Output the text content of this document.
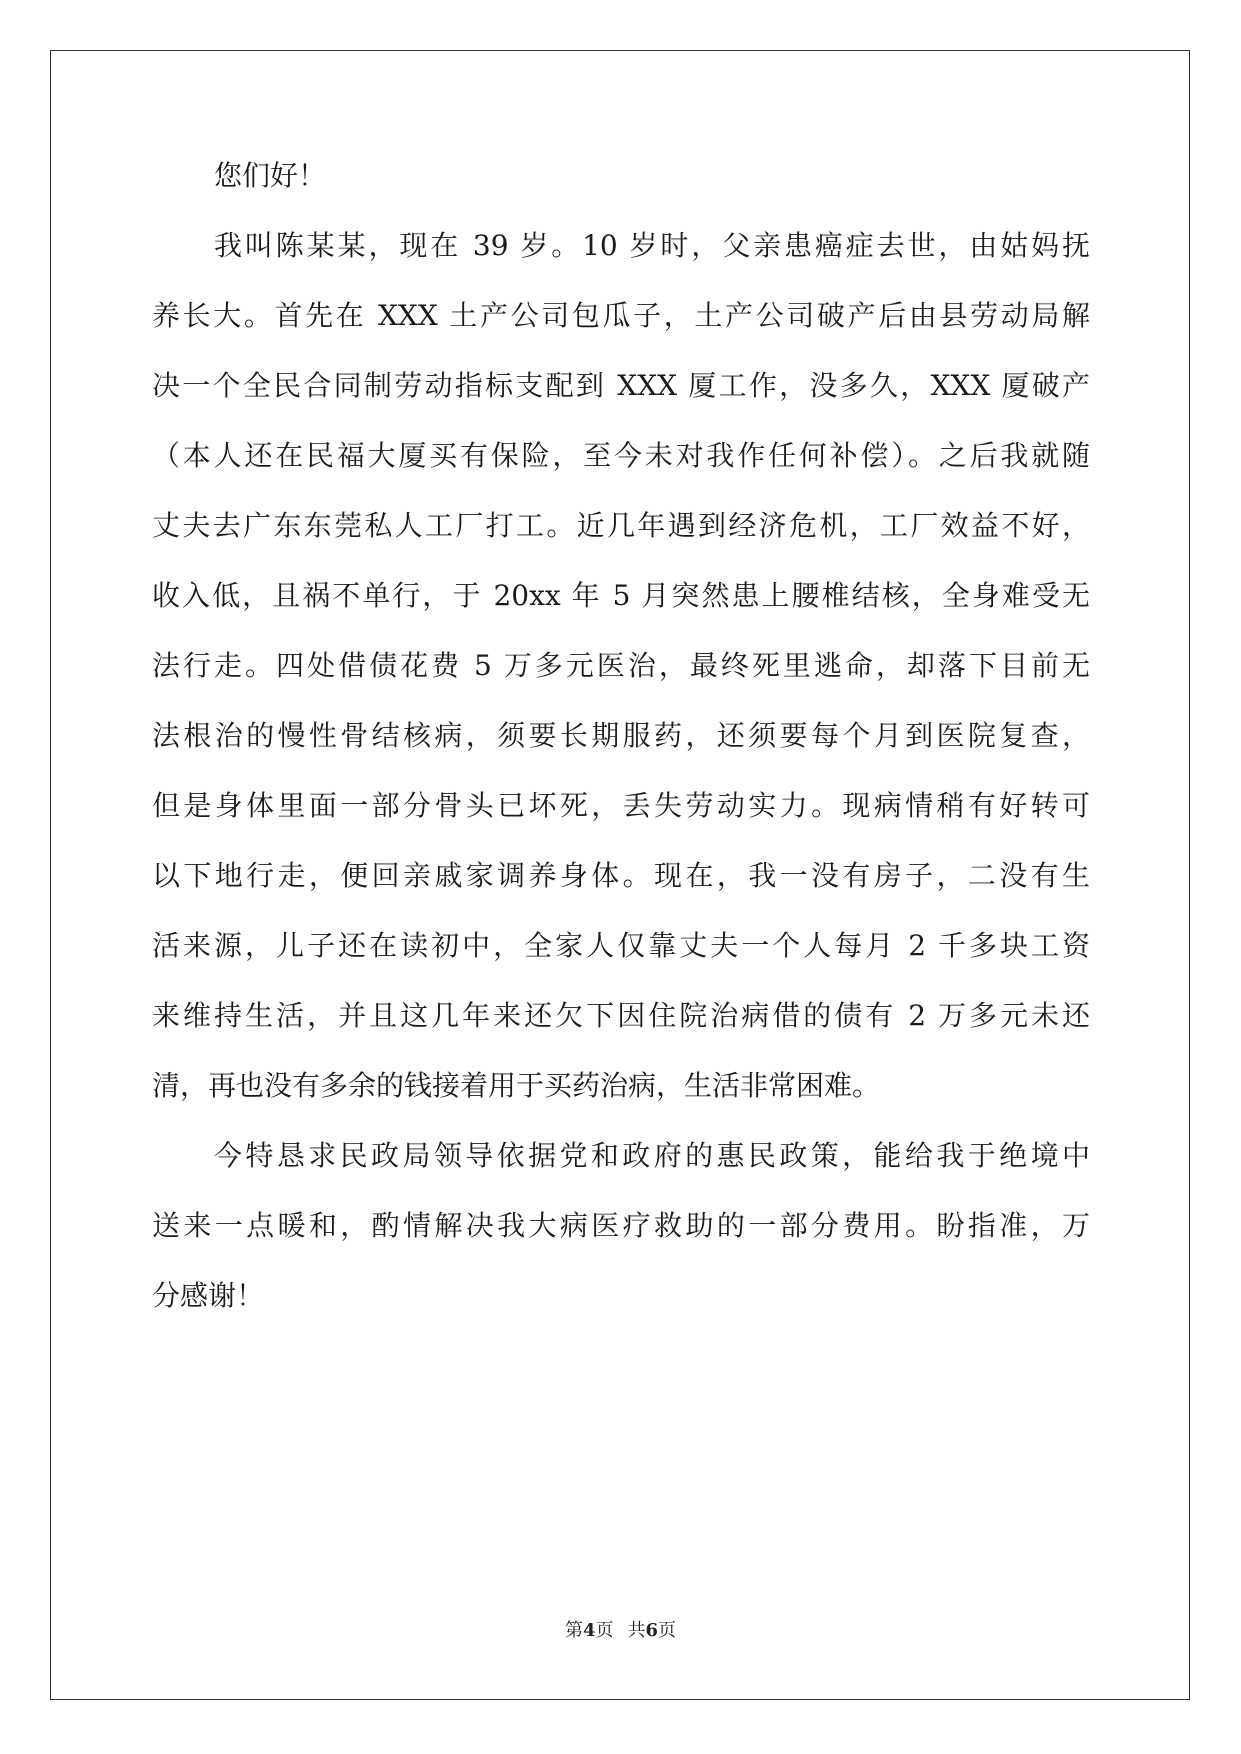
您们好！
我叫陈某某，现在 39 岁。10 岁时，父亲患癌症去世，由姑妈抚
养长大。首先在 XXX 土产公司包瓜子，土产公司破产后由县劳动局解
决一个全民合同制劳动指标支配到 XXX 厦工作，没多久，XXX 厦破产
（本人还在民福大厦买有保险，至今未对我作任何补偿）。之后我就随
丈夫去广东东莞私人工厂打工。近几年遇到经济危机，工厂效益不好，
收入低，且祸不单行，于 20xx 年 5 月突然患上腰椎结核，全身难受无
法行走。四处借债花费 5 万多元医治，最终死里逃命，却落下目前无
法根治的慢性骨结核病，须要长期服药，还须要每个月到医院复查，
但是身体里面一部分骨头已坏死，丢失劳动实力。现病情稍有好转可
以下地行走，便回亲戚家调养身体。现在，我一没有房子，二没有生
活来源，儿子还在读初中，全家人仅靠丈夫一个人每月 2 千多块工资
来维持生活，并且这几年来还欠下因住院治病借的债有 2 万多元未还
清，再也没有多余的钱接着用于买药治病，生活非常困难。
今特恳求民政局领导依据党和政府的惠民政策，能给我于绝境中
送来一点暖和，酌情解决我大病医疗救助的一部分费用。盼指准，万
分感谢！
第4页 共6页
